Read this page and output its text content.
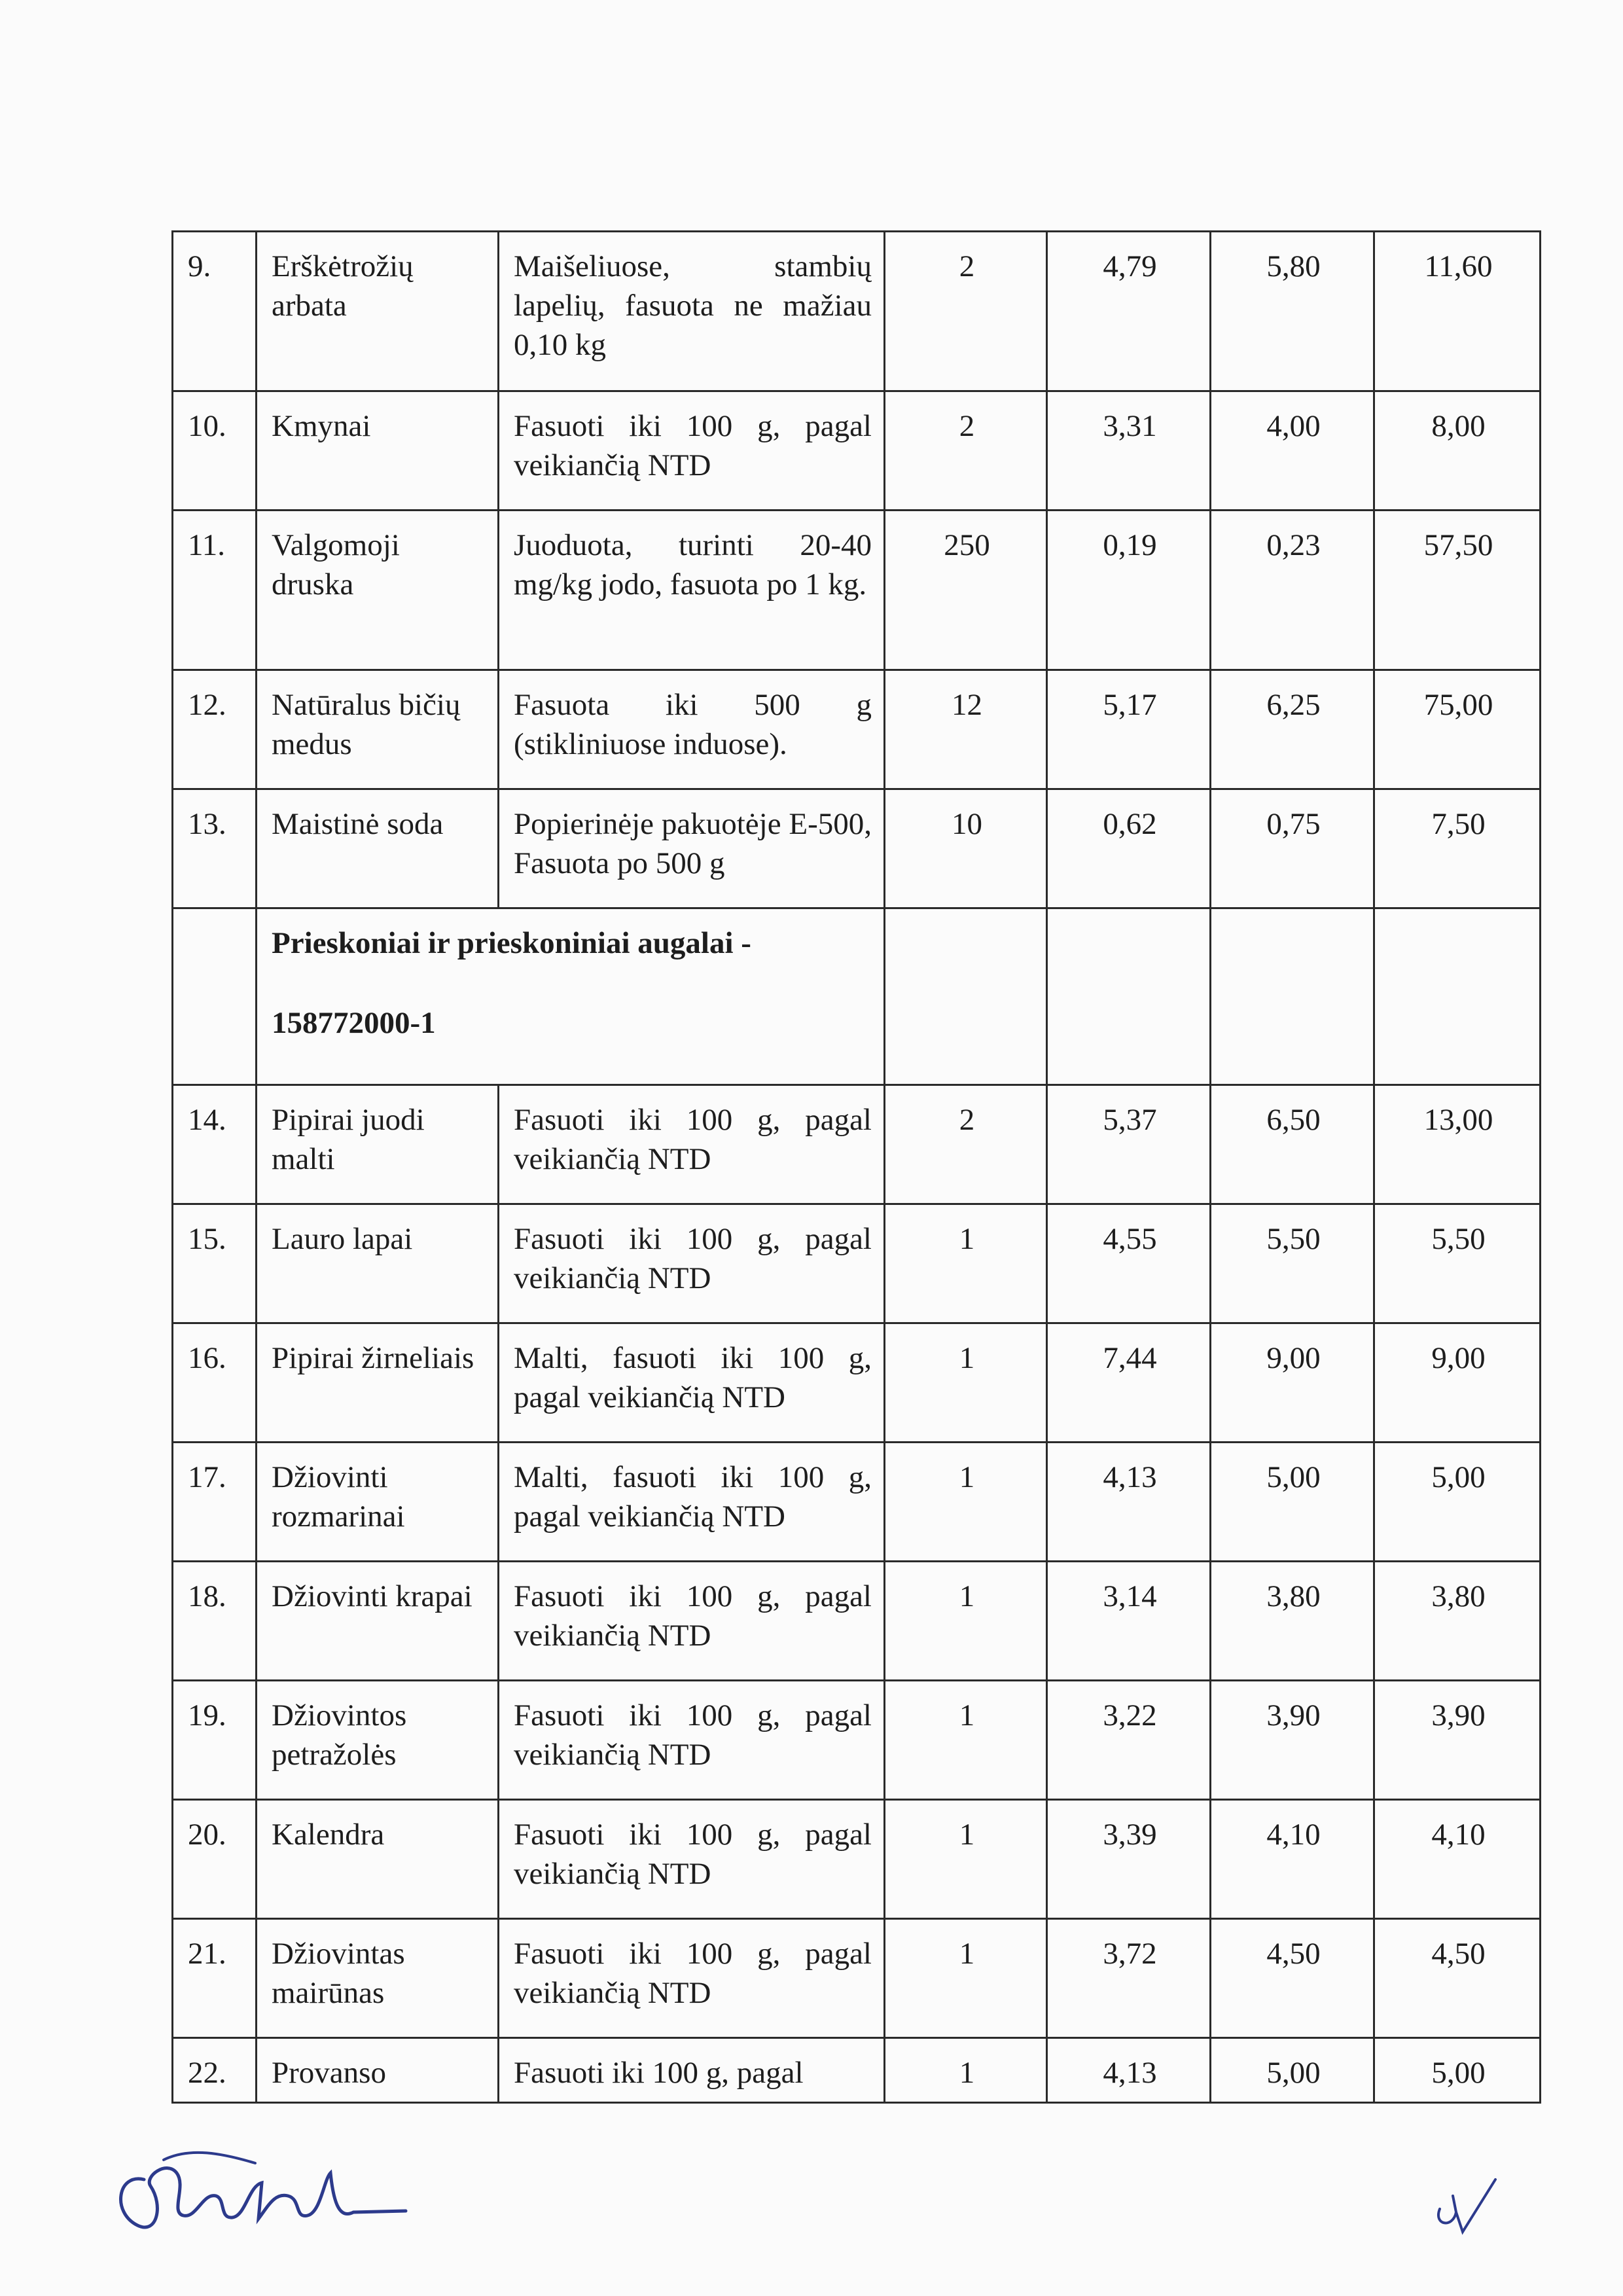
9.	Erškėtrožių arbata	Maišeliuose, stambių lapelių, fasuota ne mažiau 0,10 kg	2	4,79	5,80	11,60
10.	Kmynai	Fasuoti iki 100 g, pagal veikiančią NTD	2	3,31	4,00	8,00
11.	Valgomoji druska	Juoduota, turinti 20-40 mg/kg jodo, fasuota po 1 kg.	250	0,19	0,23	57,50
12.	Natūralus bičių medus	Fasuota iki 500 g (stikliniuose induose).	12	5,17	6,25	75,00
13.	Maistinė soda	Popierinėje pakuotėje E-500, Fasuota po 500 g	10	0,62	0,75	7,50

	Prieskoniai ir prieskoniniai augalai -
158772000-1					

14.	Pipirai juodi malti	Fasuoti iki 100 g, pagal veikiančią NTD	2	5,37	6,50	13,00
15.	Lauro lapai	Fasuoti iki 100 g, pagal veikiančią NTD	1	4,55	5,50	5,50
16.	Pipirai žirneliais	Malti, fasuoti iki 100 g, pagal veikiančią NTD	1	7,44	9,00	9,00
17.	Džiovinti rozmarinai	Malti, fasuoti iki 100 g, pagal veikiančią NTD	1	4,13	5,00	5,00
18.	Džiovinti krapai	Fasuoti iki 100 g, pagal veikiančią NTD	1	3,14	3,80	3,80
19.	Džiovintos petražolės	Fasuoti iki 100 g, pagal veikiančią NTD	1	3,22	3,90	3,90
20.	Kalendra	Fasuoti iki 100 g, pagal veikiančią NTD	1	3,39	4,10	4,10
21.	Džiovintas mairūnas	Fasuoti iki 100 g, pagal veikiančią NTD	1	3,72	4,50	4,50
22.	Provanso	Fasuoti iki 100 g, pagal	1	4,13	5,00	5,00
